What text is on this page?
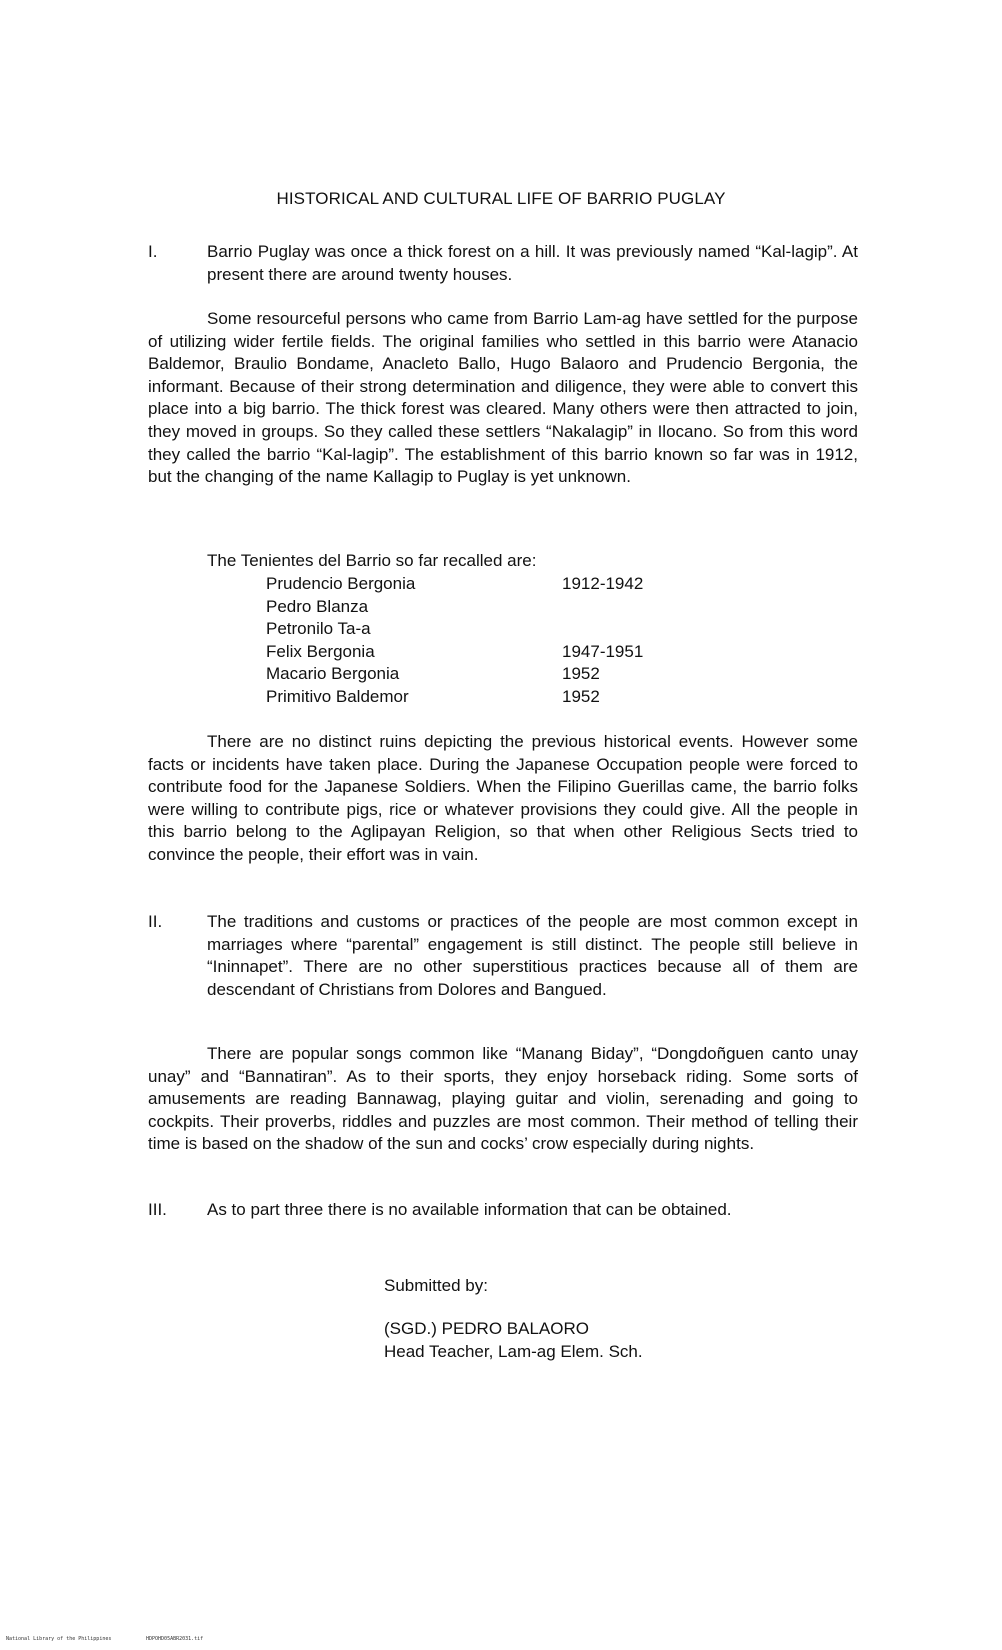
HISTORICAL AND CULTURAL LIFE OF BARRIO PUGLAY
I.	Barrio Puglay was once a thick forest on a hill. It was previously named “Kal-lagip”. At present there are around twenty houses.
Some resourceful persons who came from Barrio Lam-ag have settled for the purpose of utilizing wider fertile fields. The original families who settled in this barrio were Atanacio Baldemor, Braulio Bondame, Anacleto Ballo, Hugo Balaoro and Prudencio Bergonia, the informant. Because of their strong determination and diligence, they were able to convert this place into a big barrio. The thick forest was cleared. Many others were then attracted to join, they moved in groups. So they called these settlers “Nakalagip” in Ilocano. So from this word they called the barrio “Kal-lagip”. The establishment of this barrio known so far was in 1912, but the changing of the name Kallagip to Puglay is yet unknown.
The Tenientes del Barrio so far recalled are:
Prudencio Bergonia	1912-1942
Pedro Blanza	
Petronilo Ta-a	
Felix Bergonia	1947-1951
Macario Bergonia	1952
Primitivo Baldemor	1952
There are no distinct ruins depicting the previous historical events. However some facts or incidents have taken place. During the Japanese Occupation people were forced to contribute food for the Japanese Soldiers. When the Filipino Guerillas came, the barrio folks were willing to contribute pigs, rice or whatever provisions they could give. All the people in this barrio belong to the Aglipayan Religion, so that when other Religious Sects tried to convince the people, their effort was in vain.
II.	The traditions and customs or practices of the people are most common except in marriages where “parental” engagement is still distinct. The people still believe in “Ininnapet”. There are no other superstitious practices because all of them are descendant of Christians from Dolores and Bangued.
There are popular songs common like “Manang Biday”, “Dongdoñguen canto unay unay” and “Bannatiran”. As to their sports, they enjoy horseback riding. Some sorts of amusements are reading Bannawag, playing guitar and violin, serenading and going to cockpits. Their proverbs, riddles and puzzles are most common. Their method of telling their time is based on the shadow of the sun and cocks’ crow especially during nights.
III. As to part three there is no available information that can be obtained.
Submitted by:
(SGD.) PEDRO BALAORO
Head Teacher, Lam-ag Elem. Sch.
National Library of the Philippines	HDPOHD05ABR2031.tif
